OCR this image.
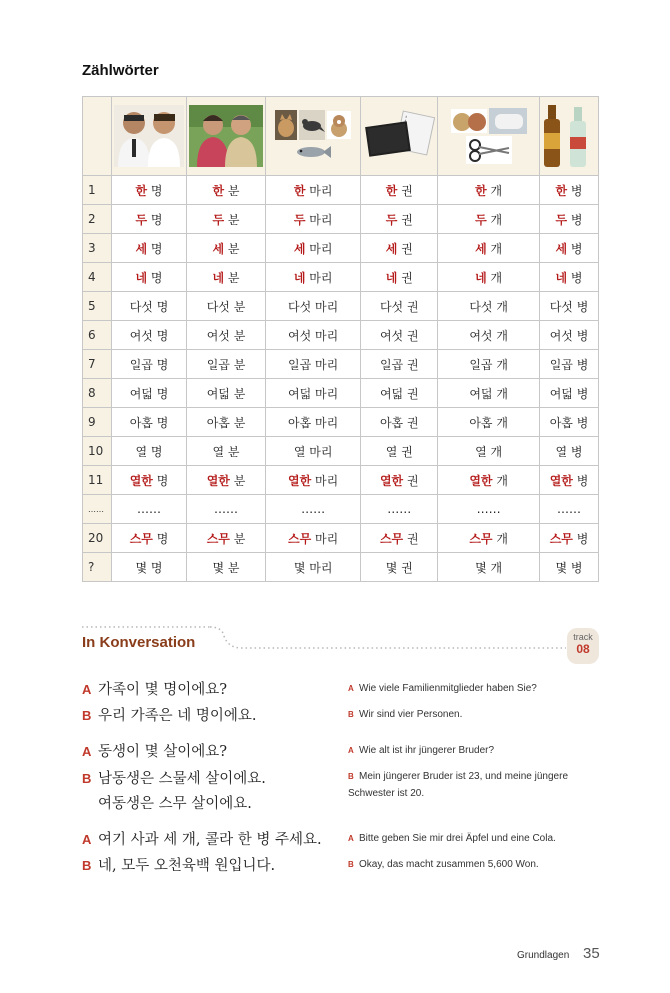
Zählwörter

1	한 명	한 분	한 마리	한 권	한 개	한 병
2	두 명	두 분	두 마리	두 권	두 개	두 병
3	세 명	세 분	세 마리	세 권	세 개	세 병
4	네 명	네 분	네 마리	네 권	네 개	네 병
5	다섯 명	다섯 분	다섯 마리	다섯 권	다섯 개	다섯 병
6	여섯 명	여섯 분	여섯 마리	여섯 권	여섯 개	여섯 병
7	일곱 명	일곱 분	일곱 마리	일곱 권	일곱 개	일곱 병
8	여덟 명	여덟 분	여덟 마리	여덟 권	여덟 개	여덟 병
9	아홉 명	아홉 분	아홉 마리	아홉 권	아홉 개	아홉 병
10	열 명	열 분	열 마리	열 권	열 개	열 병
11	열한 명	열한 분	열한 마리	열한 권	열한 개	열한 병
……	……	……	……	……	……	……
20	스무 명	스무 분	스무 마리	스무 권	스무 개	스무 병
?	몇 명	몇 분	몇 마리	몇 권	몇 개	몇 병
In Konversation	track
08
A 가족이 몇 명이에요?
B 우리 가족은 네 명이에요.
A 동생이 몇 살이에요?
B 남동생은 스물세 살이에요.
여동생은 스무 살이에요.
A 여기 사과 세 개, 콜라 한 병 주세요.
B 네, 모두 오천육백 원입니다.
A Wie viele Familienmitglieder haben Sie?
B Wir sind vier Personen.
A Wie alt ist ihr jüngerer Bruder?
B Mein jüngerer Bruder ist 23, und meine jüngere Schwester ist 20.
A Bitte geben Sie mir drei Äpfel und eine Cola.
B Okay, das macht zusammen 5,600 Won.
Grundlagen 35
